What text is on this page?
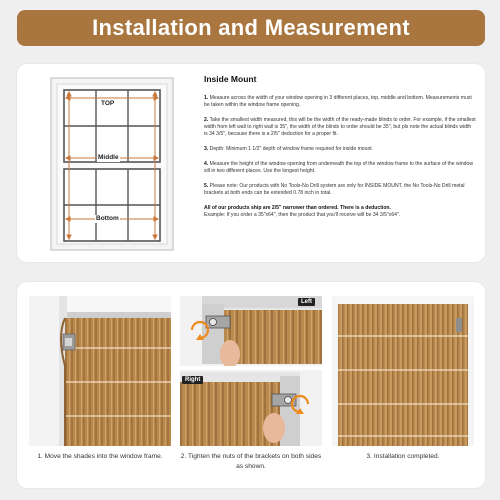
Installation and Measurement
TOP
Middle
Bottom
Inside Mount

1. Measure across the width of your window opening in 3 different places, top, middle and bottom. Measurements must be taken within the window frame opening.

2. Take the smallest width measured, this will be the width of the ready-made blinds to order. For example, if the smallest width from left wall to right wall is 35", the width of the blinds to order should be 35", but pls note the actual blinds width is 34 3/5", because there is a 2/5" deduction for a proper fit.

3. Depth: Minimum 1 1/2" depth of window frame required for inside mount.

4. Measure the height of the window opening from underneath the top of the window frame to the surface of the window sill in two different places. Use the longest height.

5. Please note: Our products with No Tools-No Drill system are only for INSIDE MOUNT, the No Tools-No Drill metal brackets at both ends can be extended 0.78 inch in total.

All of our products ship are 2/5" narrower than ordered. There is a deduction.
Example: If you order a 35"x64", then the product that you'll receive will be 34 3/5"x64".

1. Move the shades into the window frame.
Left
Right
2. Tighten the nuts of the brackets on both sides as shown.
3. Installation completed.
